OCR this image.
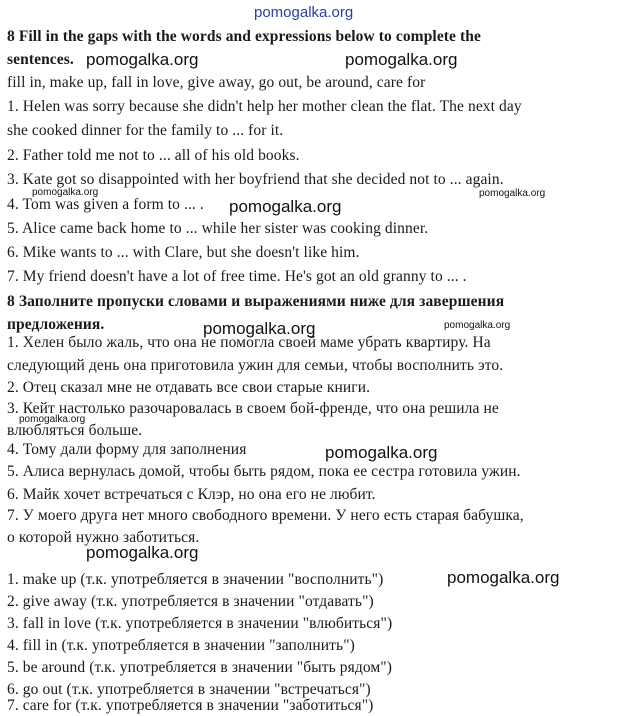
pomogalka.org
8 Fill in the gaps with the words and expressions below to complete the
sentences.
fill in, make up, fall in love, give away, go out, be around, care for
1. Helen was sorry because she didn't help her mother clean the flat. The next day
she cooked dinner for the family to ... for it.
2. Father told me not to ... all of his old books.
3. Kate got so disappointed with her boyfriend that she decided not to ... again.
4. Tom was given a form to ... .
5. Alice came back home to ... while her sister was cooking dinner.
6. Mike wants to ... with Clare, but she doesn't like him.
7. My friend doesn't have a lot of free time. He's got an old granny to ... .
8 Заполните пропуски словами и выражениями ниже для завершения
предложения.
1. Хелен было жаль, что она не помогла своей маме убрать квартиру. На
следующий день она приготовила ужин для семьи, чтобы восполнить это.
2. Отец сказал мне не отдавать все свои старые книги.
3. Кейт настолько разочаровалась в своем бой-френде, что она решила не
влюбляться больше.
4. Тому дали форму для заполнения
5. Алиса вернулась домой, чтобы быть рядом, пока ее сестра готовила ужин.
6. Майк хочет встречаться с Клэр, но она его не любит.
7. У моего друга нет много свободного времени. У него есть старая бабушка,
о которой нужно заботиться.
1. make up (т.к. употребляется в значении "восполнить")
2. give away (т.к. употребляется в значении "отдавать")
3. fall in love (т.к. употребляется в значении "влюбиться")
4. fill in (т.к. употребляется в значении "заполнить")
5. be around (т.к. употребляется в значении "быть рядом")
6. go out (т.к. употребляется в значении "встречаться")
7. care for (т.к. употребляется в значении "заботиться")
pomogalka.org	pomogalka.org
pomogalka.org
pomogalka.org
pomogalka.org
pomogalka.org	pomogalka.org
pomogalka.org
pomogalka.org
pomogalka.org
pomogalka.org
